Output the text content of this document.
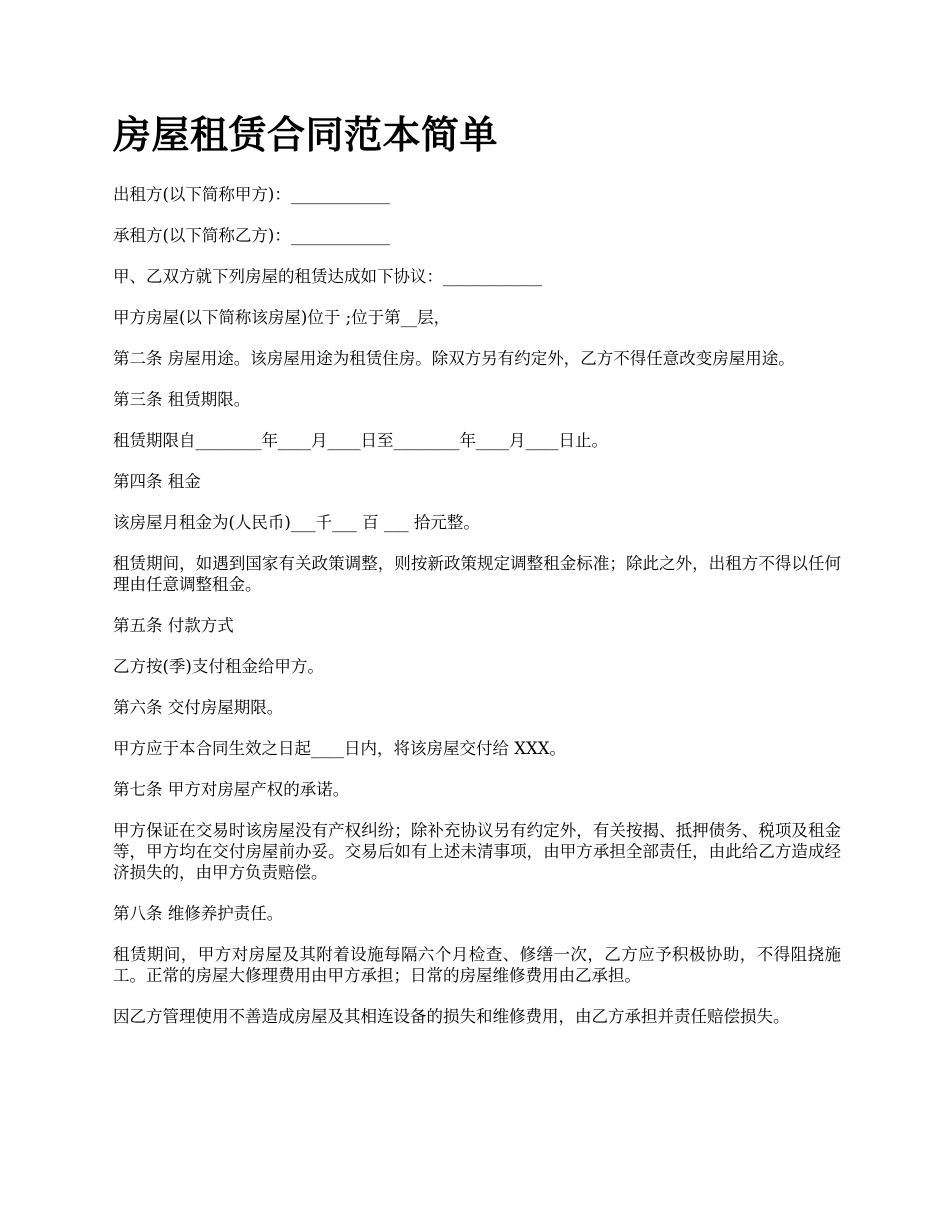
房屋租赁合同范本简单

出租方(以下简称甲方)：____________

承租方(以下简称乙方)：____________

甲、乙双方就下列房屋的租赁达成如下协议：____________

甲方房屋(以下简称该房屋)位于 ;位于第__层，

第二条 房屋用途。该房屋用途为租赁住房。除双方另有约定外，乙方不得任意改变房屋用途。

第三条 租赁期限。

租赁期限自________年____月____日至________年____月____日止。

第四条 租金

该房屋月租金为(人民币)___千___ 百 ___ 拾元整。

租赁期间，如遇到国家有关政策调整，则按新政策规定调整租金标准；除此之外，出租方不得以任何理由任意调整租金。

第五条 付款方式

乙方按(季)支付租金给甲方。

第六条 交付房屋期限。

甲方应于本合同生效之日起____日内，将该房屋交付给 XXX。

第七条 甲方对房屋产权的承诺。

甲方保证在交易时该房屋没有产权纠纷；除补充协议另有约定外，有关按揭、抵押债务、税项及租金等，甲方均在交付房屋前办妥。交易后如有上述未清事项，由甲方承担全部责任，由此给乙方造成经济损失的，由甲方负责赔偿。

第八条 维修养护责任。

租赁期间，甲方对房屋及其附着设施每隔六个月检查、修缮一次，乙方应予积极协助，不得阻挠施工。正常的房屋大修理费用由甲方承担；日常的房屋维修费用由乙承担。

因乙方管理使用不善造成房屋及其相连设备的损失和维修费用，由乙方承担并责任赔偿损失。
